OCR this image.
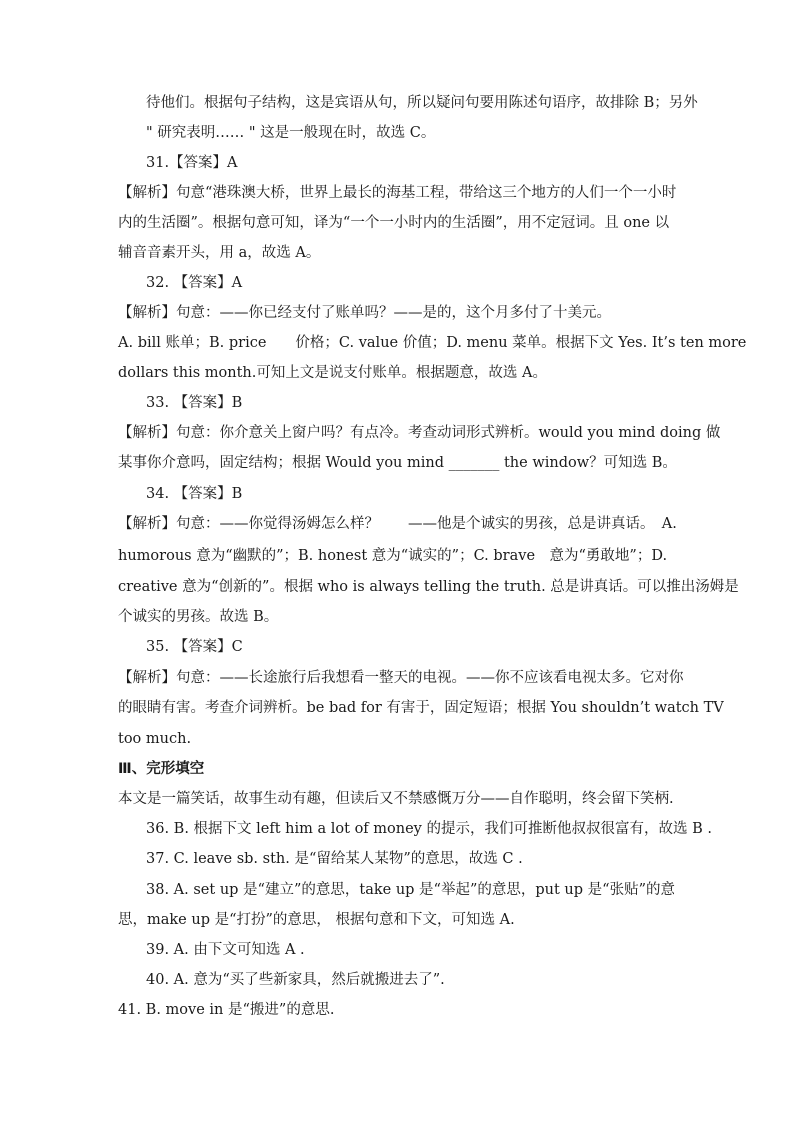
待他们。根据句子结构，这是宾语从句，所以疑问句要用陈述句语序，故排除 B；另外
" 研究表明…… " 这是一般现在时，故选 C。
31.【答案】A
【解析】句意“港珠澳大桥，世界上最长的海基工程，带给这三个地方的人们一个一小时
内的生活圈”。根据句意可知，译为“一个一小时内的生活圈”，用不定冠词。且 one 以
辅音音素开头，用 a，故选 A。
32. 【答案】A
【解析】句意：——你已经支付了账单吗？——是的，这个月多付了十美元。
A. bill 账单；B. price　　价格；C. value 价值；D. menu 菜单。根据下文 Yes. It’s ten more
dollars this month.可知上文是说支付账单。根据题意，故选 A。
33. 【答案】B
【解析】句意：你介意关上窗户吗？有点冷。考查动词形式辨析。would you mind doing 做
某事你介意吗，固定结构；根据 Would you mind _______ the window？可知选 B。
34. 【答案】B
【解析】句意：——你觉得汤姆怎么样？　　——他是个诚实的男孩，总是讲真话。　A.
humorous 意为“幽默的”；B. honest 意为“诚实的”；C. brave　意为“勇敢地”；D.
creative 意为“创新的”。根据 who is always telling the truth. 总是讲真话。可以推出汤姆是
个诚实的男孩。故选 B。
35. 【答案】C
【解析】句意：——长途旅行后我想看一整天的电视。——你不应该看电视太多。它对你
的眼睛有害。考查介词辨析。be bad for 有害于，固定短语；根据 You shouldn’t watch TV
too much.
Ⅲ、完形填空
本文是一篇笑话，故事生动有趣，但读后又不禁感慨万分——自作聪明，终会留下笑柄.
36. B. 根据下文 left him a lot of money 的提示，我们可推断他叔叔很富有，故选 B .
37. C. leave sb. sth. 是“留给某人某物”的意思，故选 C .
38. A. set up 是“建立”的意思，take up 是“举起”的意思，put up 是“张贴”的意
思，make up 是“打扮”的意思， 根据句意和下文，可知选 A.
39. A. 由下文可知选 A .
40. A. 意为“买了些新家具，然后就搬进去了”.
41. B. move in 是“搬进”的意思.
